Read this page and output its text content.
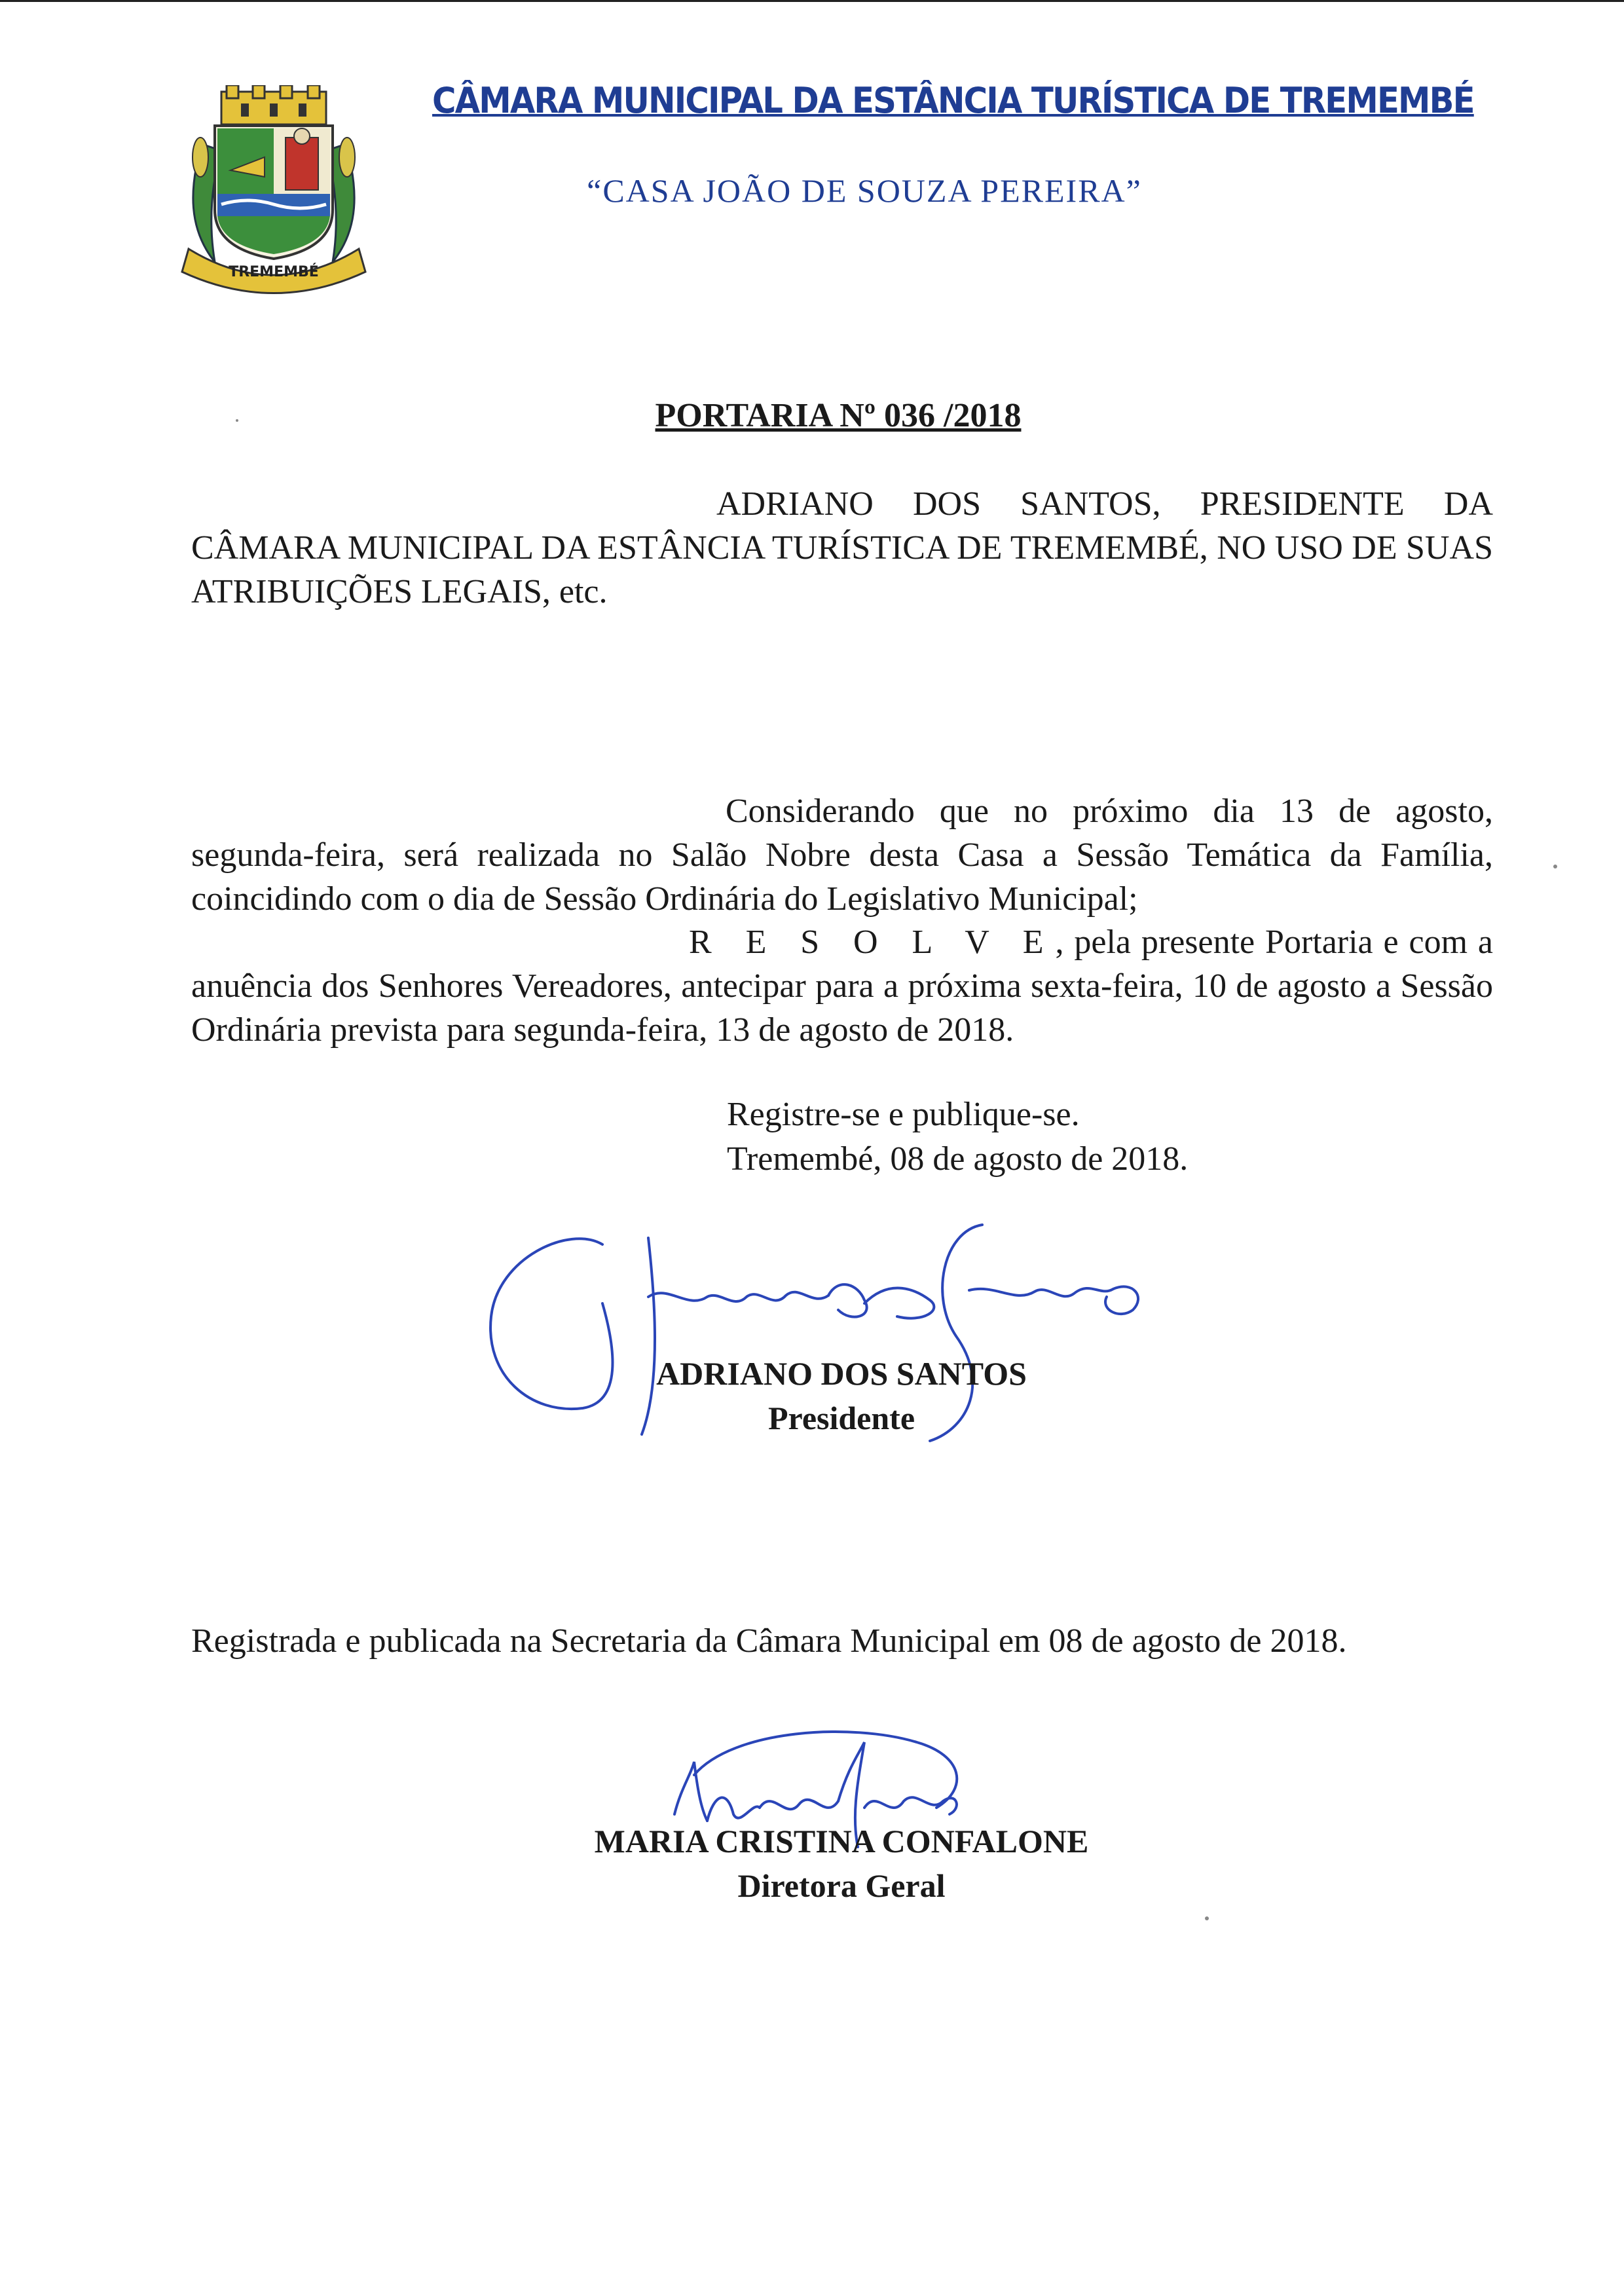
TREMEMBÉ
CÂMARA MUNICIPAL DA ESTÂNCIA TURÍSTICA DE TREMEMBÉ
“CASA JOÃO DE SOUZA PEREIRA”
PORTARIA Nº 036 /2018
ADRIANO DOS SANTOS, PRESIDENTE DA CÂMARA MUNICIPAL DA ESTÂNCIA TURÍSTICA DE TREMEMBÉ, NO USO DE SUAS ATRIBUIÇÕES LEGAIS, etc.
Considerando que no próximo dia 13 de agosto, segunda-feira, será realizada no Salão Nobre desta Casa a Sessão Temática da Família, coincidindo com o dia de Sessão Ordinária do Legislativo Municipal;
R E S O L V E, pela presente Portaria e com a anuência dos Senhores Vereadores, antecipar para a próxima sexta-feira, 10 de agosto a Sessão Ordinária prevista para segunda-feira, 13 de agosto de 2018.
Registre-se e publique-se.
Tremembé, 08 de agosto de 2018.
ADRIANO DOS SANTOS
Presidente
Registrada e publicada na Secretaria da Câmara Municipal em 08 de agosto de 2018.
MARIA CRISTINA CONFALONE
Diretora Geral
